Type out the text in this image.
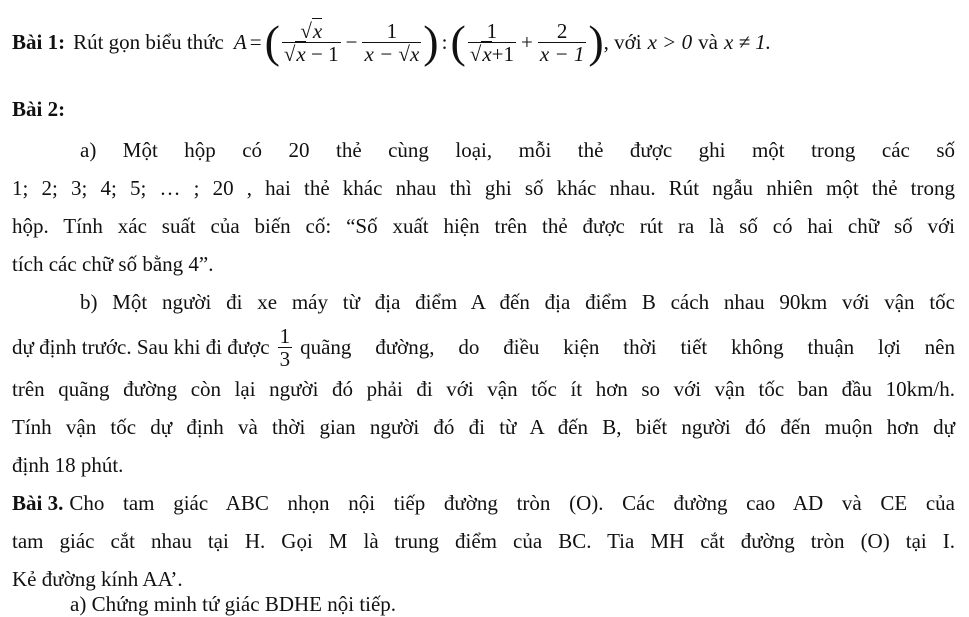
Bài 1: Rút gọn biểu thức A = ( $\frac{√x}{√x - 1} - \frac{1}{x - √x}$ ) : ( $\frac{1}{√x+1} + \frac{2}{x - 1}$ ) , với x > 0 và x ≠ 1.
Bài 2:
a) Một hộp có 20 thẻ cùng loại, mỗi thẻ được ghi một trong các số
1; 2; 3; 4; 5; … ; 20 , hai thẻ khác nhau thì ghi số khác nhau. Rút ngẫu nhiên một thẻ trong
hộp. Tính xác suất của biến cố: “Số xuất hiện trên thẻ được rút ra là số có hai chữ số với
tích các chữ số bằng 4”.
b) Một người đi xe máy từ địa điểm A đến địa điểm B cách nhau 90km với vận tốc
dự định trước. Sau khi đi được $\frac{1}{3}$ quãng đường, do điều kiện thời tiết không thuận lợi nên
trên quãng đường còn lại người đó phải đi với vận tốc ít hơn so với vận tốc ban đầu 10km/h.
Tính vận tốc dự định và thời gian người đó đi từ A đến B, biết người đó đến muộn hơn dự
định 18 phút.
Bài 3. Cho tam giác ABC nhọn nội tiếp đường tròn (O). Các đường cao AD và CE của
tam giác cắt nhau tại H. Gọi M là trung điểm của BC. Tia MH cắt đường tròn (O) tại I.
Kẻ đường kính AA’.
a) Chứng minh tứ giác BDHE nội tiếp.
